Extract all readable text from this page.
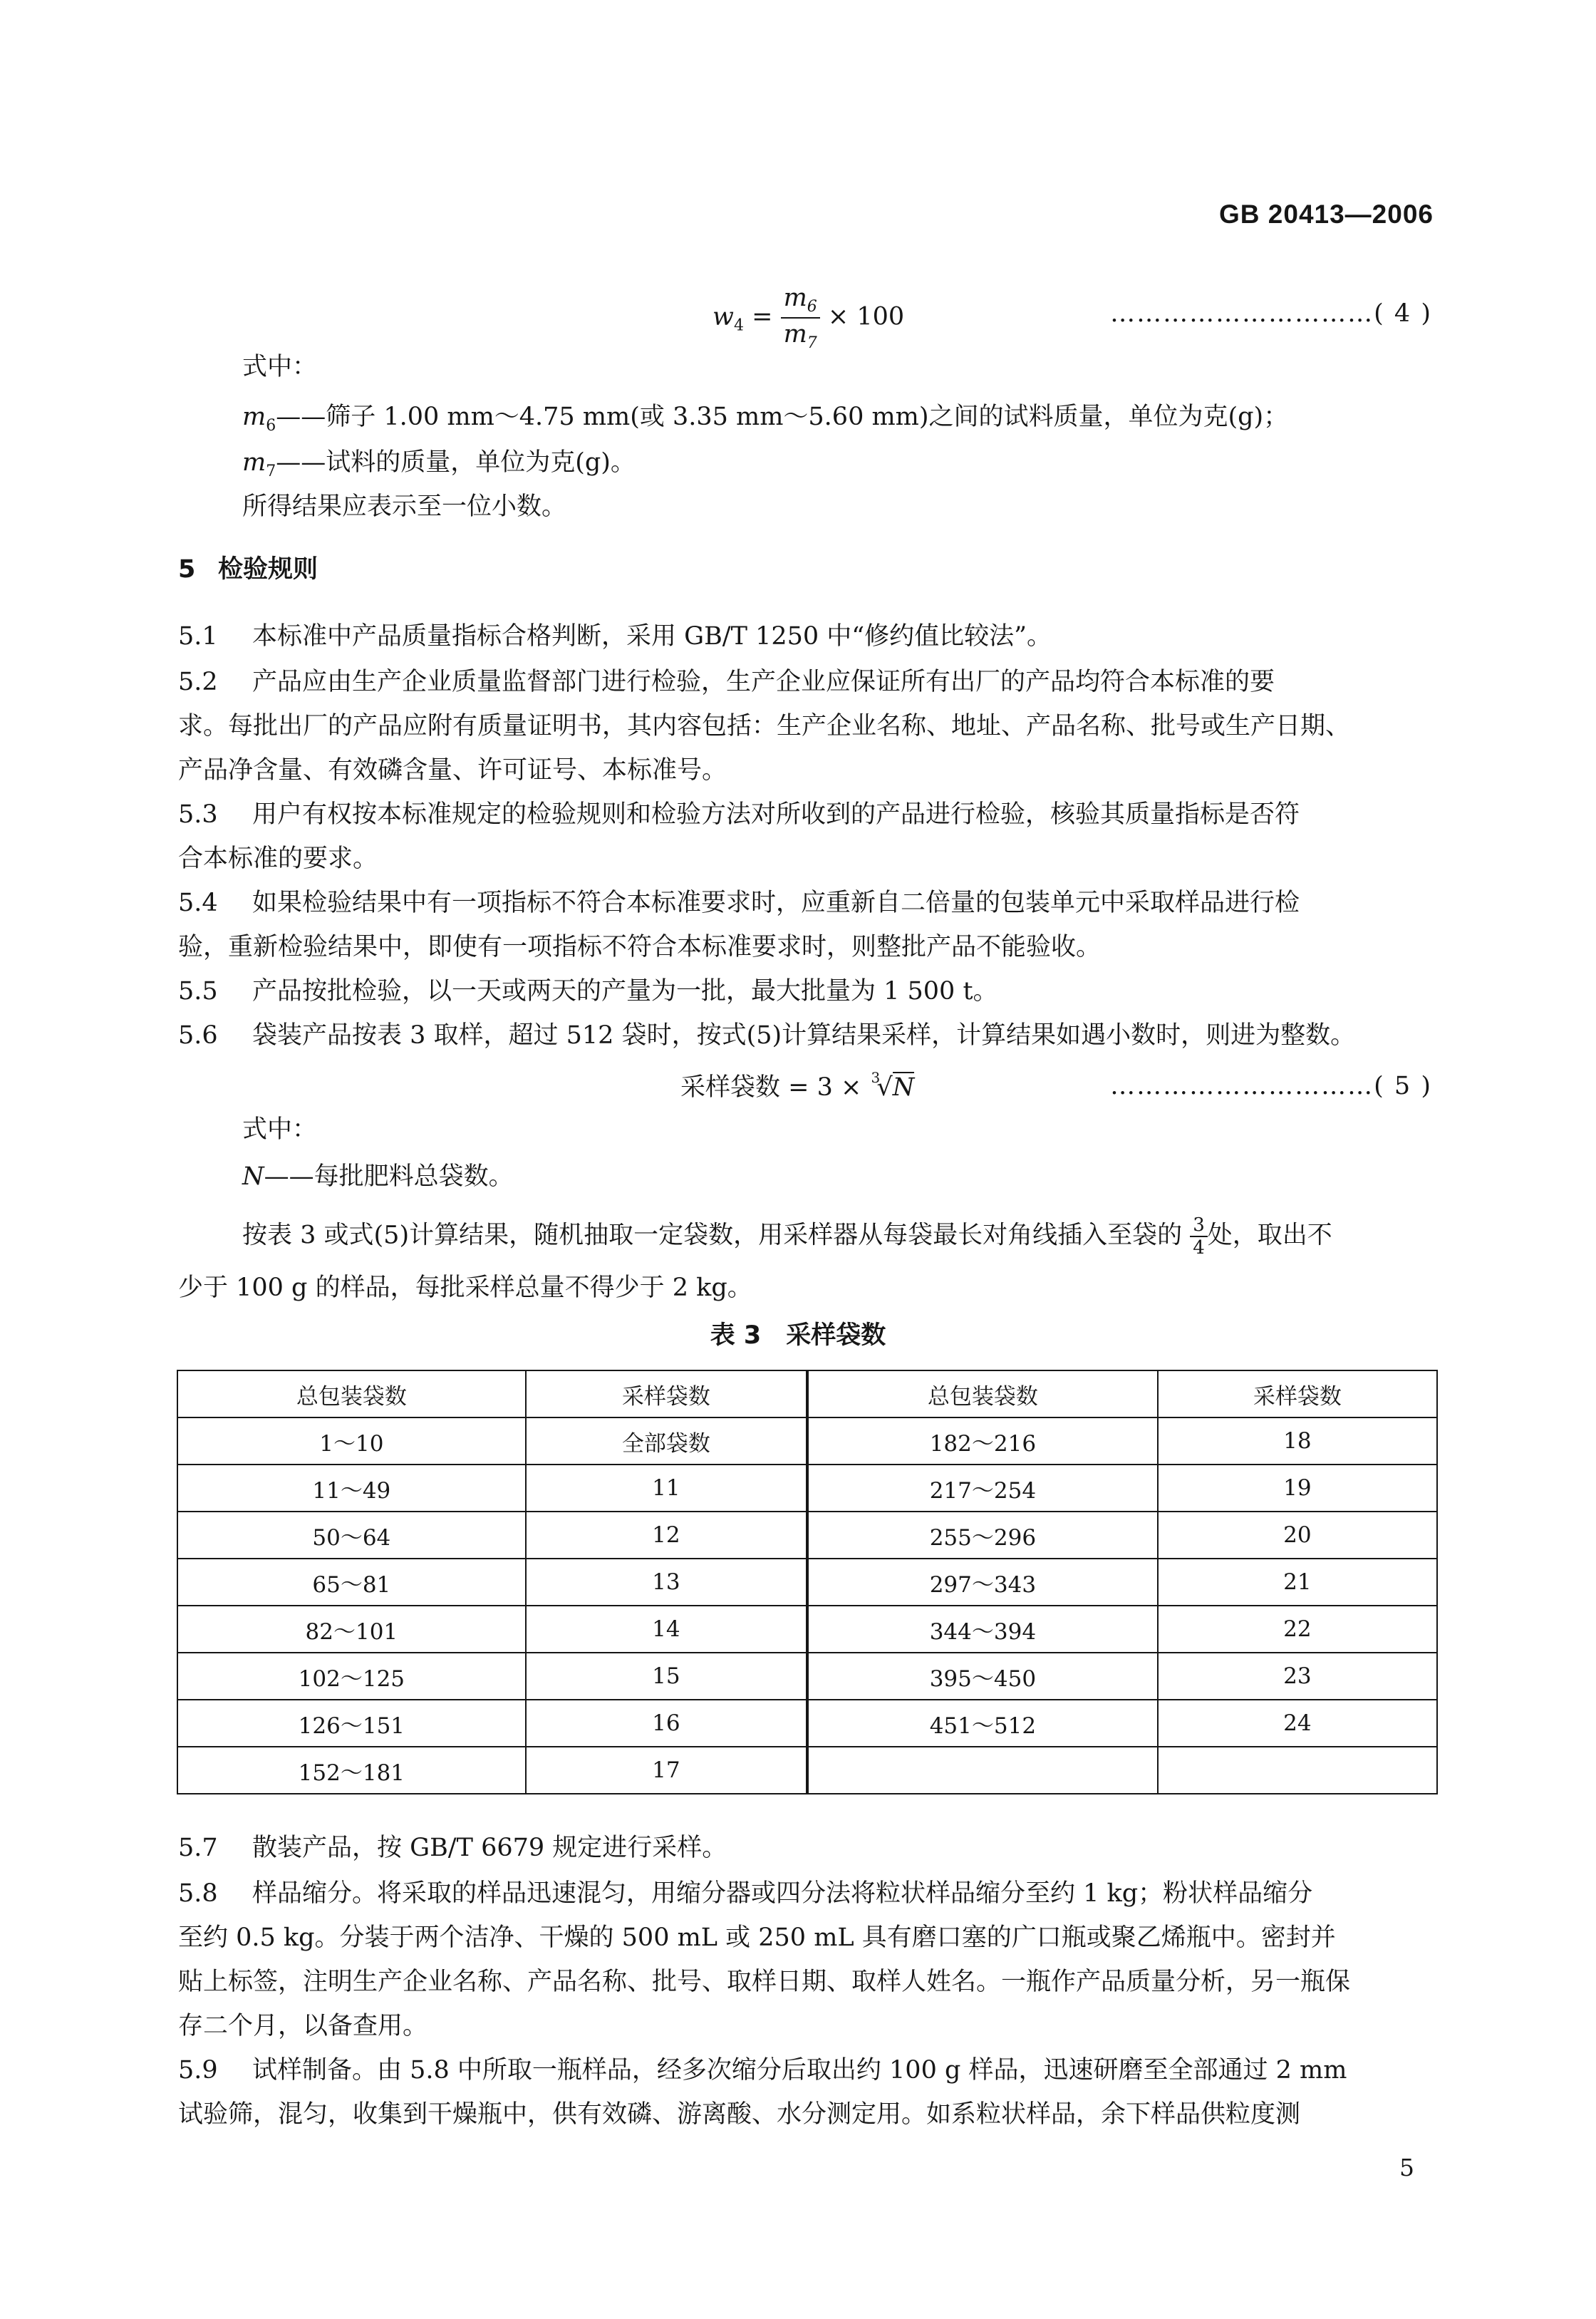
GB 20413—2006
$w_4 = \frac{m_6}{m_7} \times 100$	…………………………( 4 )
式中：
$m_6——$筛子 1.00 mm～4.75 mm(或 3.35 mm～5.60 mm)之间的试料质量，单位为克(g)；
$m_7——$试料的质量，单位为克(g)。
所得结果应表示至一位小数。
5 检验规则
5.1 本标准中产品质量指标合格判断，采用 GB/T 1250 中“修约值比较法”。
5.2 产品应由生产企业质量监督部门进行检验，生产企业应保证所有出厂的产品均符合本标准的要
求。每批出厂的产品应附有质量证明书，其内容包括：生产企业名称、地址、产品名称、批号或生产日期、
产品净含量、有效磷含量、许可证号、本标准号。
5.3 用户有权按本标准规定的检验规则和检验方法对所收到的产品进行检验，核验其质量指标是否符
合本标准的要求。
5.4 如果检验结果中有一项指标不符合本标准要求时，应重新自二倍量的包装单元中采取样品进行检
验，重新检验结果中，即使有一项指标不符合本标准要求时，则整批产品不能验收。
5.5 产品按批检验，以一天或两天的产量为一批，最大批量为 1 500 t。
5.6 袋装产品按表 3 取样，超过 512 袋时，按式(5)计算结果采样，计算结果如遇小数时，则进为整数。
采样袋数 = 3 × 3
√N	…………………………( 5 )
式中：
N——每批肥料总袋数。
按表 3 或式(5)计算结果，随机抽取一定袋数，用采样器从每袋最长对角线插入至袋的 $\frac{3}{4}$ 处，取出不
少于 100 g 的样品，每批采样总量不得少于 2 kg。
表 3　采样袋数
总包装袋数	采样袋数	总包装袋数	采样袋数
1～10	全部袋数	182～216	18
11～49	11	217～254	19
50～64	12	255～296	20
65～81	13	297～343	21
82～101	14	344～394	22
102～125	15	395～450	23
126～151	16	451～512	24
152～181	17		
5.7 散装产品，按 GB/T 6679 规定进行采样。
5.8 样品缩分。将采取的样品迅速混匀，用缩分器或四分法将粒状样品缩分至约 1 kg；粉状样品缩分
至约 0.5 kg。分装于两个洁净、干燥的 500 mL 或 250 mL 具有磨口塞的广口瓶或聚乙烯瓶中。密封并
贴上标签，注明生产企业名称、产品名称、批号、取样日期、取样人姓名。一瓶作产品质量分析，另一瓶保
存二个月，以备查用。
5.9 试样制备。由 5.8 中所取一瓶样品，经多次缩分后取出约 100 g 样品，迅速研磨至全部通过 2 mm
试验筛，混匀，收集到干燥瓶中，供有效磷、游离酸、水分测定用。如系粒状样品，余下样品供粒度测
5
